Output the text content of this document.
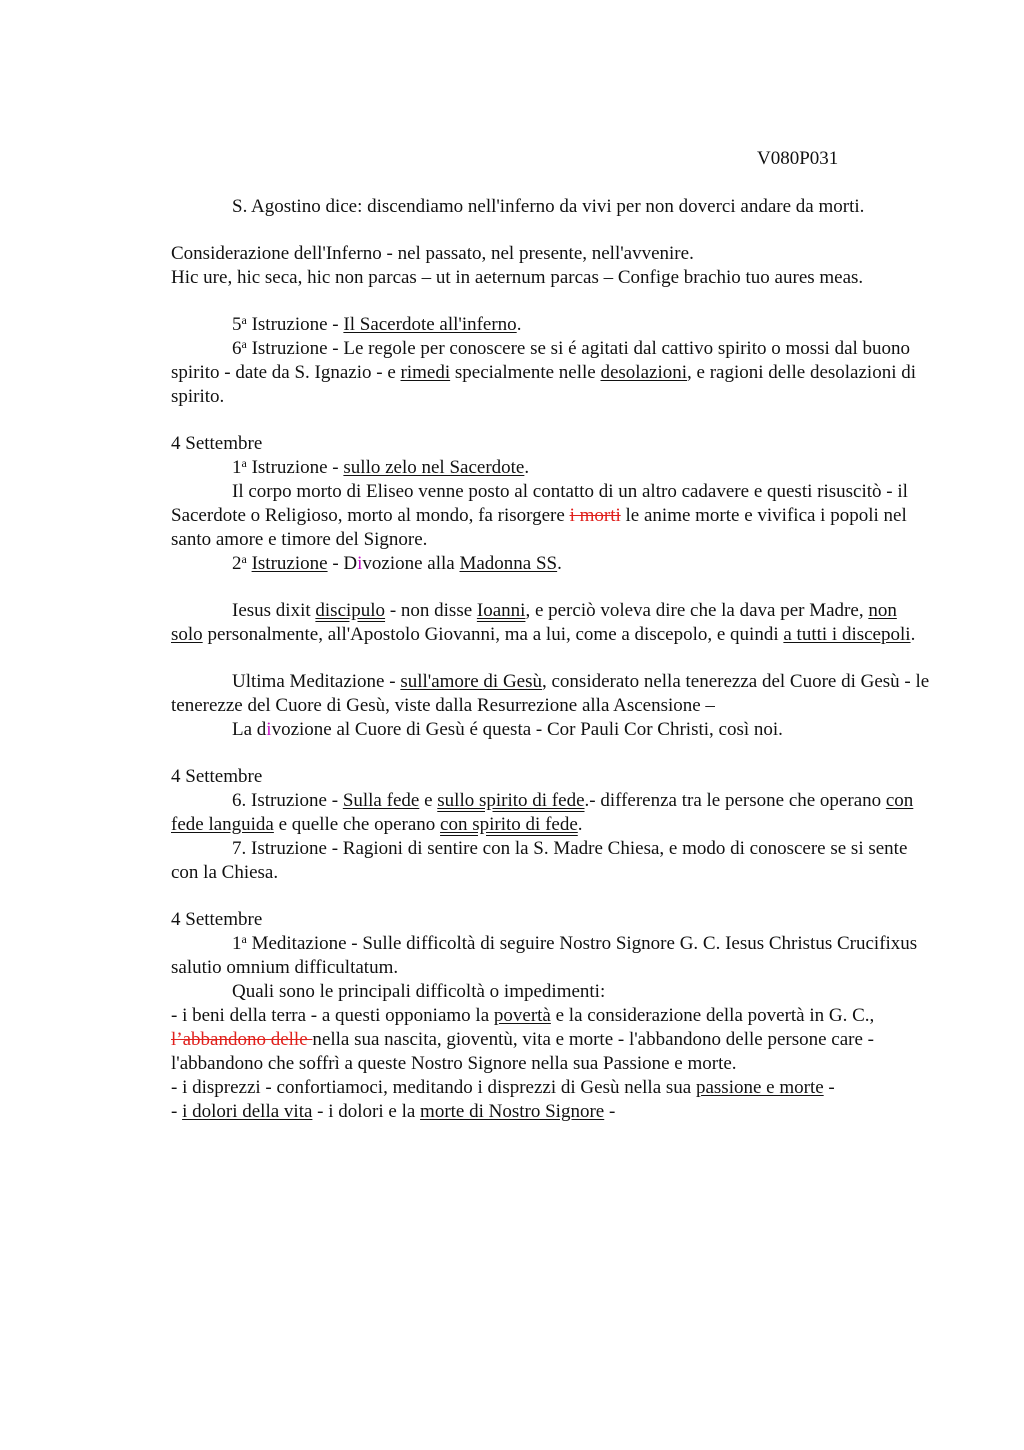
V080P031

S. Agostino dice: discendiamo nell'inferno da vivi per non doverci andare da morti.

Considerazione dell'Inferno - nel passato, nel presente, nell'avvenire.

Hic ure, hic seca, hic non parcas – ut in aeternum parcas – Confige brachio tuo aures meas.

5$^a$ Istruzione - Il Sacerdote all'inferno.

6$^a$ Istruzione - Le regole per conoscere se si é agitati dal cattivo spirito o mossi dal buono spirito - date da S. Ignazio - e rimedi specialmente nelle desolazioni, e ragioni delle desolazioni di spirito.

4 Settembre

1$^a$ Istruzione - sullo zelo nel Sacerdote.

Il corpo morto di Eliseo venne posto al contatto di un altro cadavere e questi risuscitò - il Sacerdote o Religioso, morto al mondo, fa risorgere i morti le anime morte e vivifica i popoli nel santo amore e timore del Signore.

2$^a$ Istruzione - Divozione alla Madonna SS.

Iesus dixit discipulo - non disse Ioanni, e perciò voleva dire che la dava per Madre, non solo personalmente, all'Apostolo Giovanni, ma a lui, come a discepolo, e quindi a tutti i discepoli.

Ultima Meditazione - sull'amore di Gesù, considerato nella tenerezza del Cuore di Gesù - le tenerezze del Cuore di Gesù, viste dalla Resurrezione alla Ascensione –

La divozione al Cuore di Gesù é questa - Cor Pauli Cor Christi, così noi.

4 Settembre

6. Istruzione - Sulla fede e sullo spirito di fede.- differenza tra le persone che operano con fede languida e quelle che operano con spirito di fede.

7. Istruzione - Ragioni di sentire con la S. Madre Chiesa, e modo di conoscere se si sente con la Chiesa.

4 Settembre

1$^a$ Meditazione - Sulle difficoltà di seguire Nostro Signore G. C. Iesus Christus Crucifixus salutio omnium difficultatum.

Quali sono le principali difficoltà o impedimenti:

- i beni della terra - a questi opponiamo la povertà e la considerazione della povertà in G. C., l’abbandono delle nella sua nascita, gioventù, vita e morte - l'abbandono delle persone care - l'abbandono che soffrì a queste Nostro Signore nella sua Passione e morte.

- i disprezzi - confortiamoci, meditando i disprezzi di Gesù nella sua passione e morte -

- i dolori della vita - i dolori e la morte di Nostro Signore -
